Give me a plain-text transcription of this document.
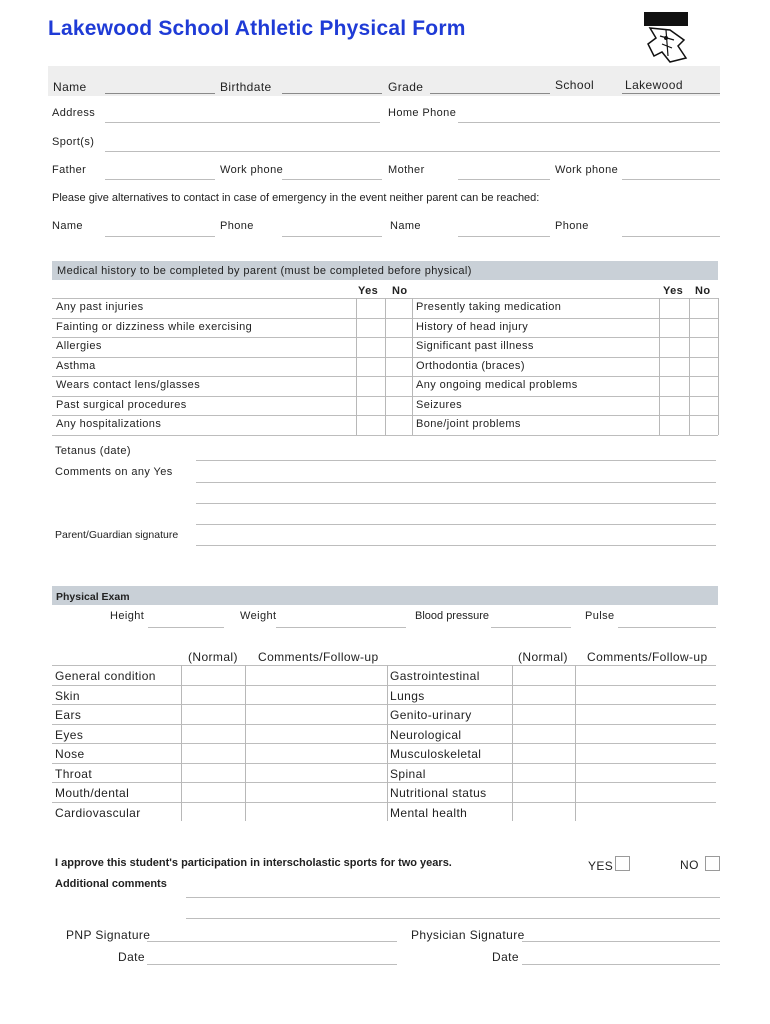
Lakewood School Athletic Physical Form
Name	Birthdate	Grade	School	Lakewood
Address	Home Phone
Sport(s)
Father	Work phone	Mother	Work phone
Please give alternatives to contact in case of emergency in the event neither parent can be reached:
Name	Phone	Name	Phone
Medical history to be completed by parent (must be completed before physical)
Yes No	Yes No
Any past injuries	Presently taking medication
Fainting or dizziness while exercising	History of head injury
Allergies	Significant past illness
Asthma	Orthodontia (braces)
Wears contact lens/glasses	Any ongoing medical problems
Past surgical procedures	Seizures
Any hospitalizations	Bone/joint problems
Tetanus (date)
Comments on any Yes
Parent/Guardian signature
Physical Exam
Height	Weight	Blood pressure	Pulse
(Normal) Comments/Follow-up	(Normal) Comments/Follow-up
General condition	Gastrointestinal
Skin	Lungs
Ears	Genito-urinary
Eyes	Neurological
Nose	Musculoskeletal
Throat	Spinal
Mouth/dental	Nutritional status
Cardiovascular	Mental health
I approve this student's participation in interscholastic sports for two years.	YES	NO
Additional comments
PNP Signature	Physician Signature
Date	Date
